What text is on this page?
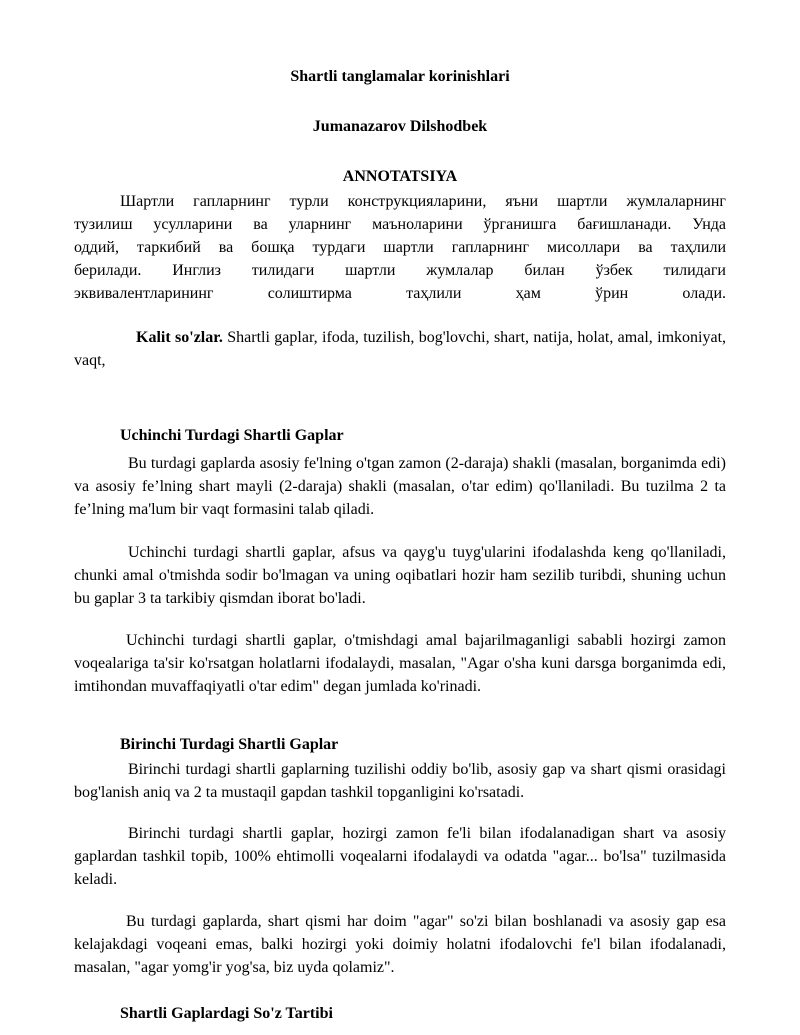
Shartli tanglamalar korinishlari

Jumanazarov Dilshodbek

ANNOTATSIYA

Шартли гапларнинг турли конструкцияларини, яъни шартли жумлаларнинг
тузилиш усулларини ва уларнинг маъноларини ўрганишга бағишланади. Унда
оддий, таркибий ва бошқа турдаги шартли гапларнинг мисоллари ва таҳлили
берилади. Инглиз тилидаги шартли жумлалар билан ўзбек тилидаги
эквивалентларининг солиштирма таҳлили ҳам ўрин олади.

Kalit so'zlar. Shartli gaplar, ifoda, tuzilish, bog'lovchi, shart, natija, holat, amal, imkoniyat, vaqt,

Uchinchi Turdagi Shartli Gaplar

Bu turdagi gaplarda asosiy fe'lning o'tgan zamon (2-daraja) shakli (masalan, borganimda edi) va asosiy fe’lning shart mayli (2-daraja) shakli (masalan, o'tar edim) qo'llaniladi. Bu tuzilma 2 ta fe’lning ma'lum bir vaqt formasini talab qiladi.

Uchinchi turdagi shartli gaplar, afsus va qayg'u tuyg'ularini ifodalashda keng qo'llaniladi, chunki amal o'tmishda sodir bo'lmagan va uning oqibatlari hozir ham sezilib turibdi, shuning uchun bu gaplar 3 ta tarkibiy qismdan iborat bo'ladi.

Uchinchi turdagi shartli gaplar, o'tmishdagi amal bajarilmaganligi sababli hozirgi zamon voqealariga ta'sir ko'rsatgan holatlarni ifodalaydi, masalan, "Agar o'sha kuni darsga borganimda edi, imtihondan muvaffaqiyatli o'tar edim" degan jumlada ko'rinadi.

Birinchi Turdagi Shartli Gaplar

Birinchi turdagi shartli gaplarning tuzilishi oddiy bo'lib, asosiy gap va shart qismi orasidagi bog'lanish aniq va 2 ta mustaqil gapdan tashkil topganligini ko'rsatadi.

Birinchi turdagi shartli gaplar, hozirgi zamon fe'li bilan ifodalanadigan shart va asosiy gaplardan tashkil topib, 100% ehtimolli voqealarni ifodalaydi va odatda "agar... bo'lsa" tuzilmasida keladi.

Bu turdagi gaplarda, shart qismi har doim "agar" so'zi bilan boshlanadi va asosiy gap esa kelajakdagi voqeani emas, balki hozirgi yoki doimiy holatni ifodalovchi fe'l bilan ifodalanadi, masalan, "agar yomg'ir yog'sa, biz uyda qolamiz".

Shartli Gaplardagi So'z Tartibi
